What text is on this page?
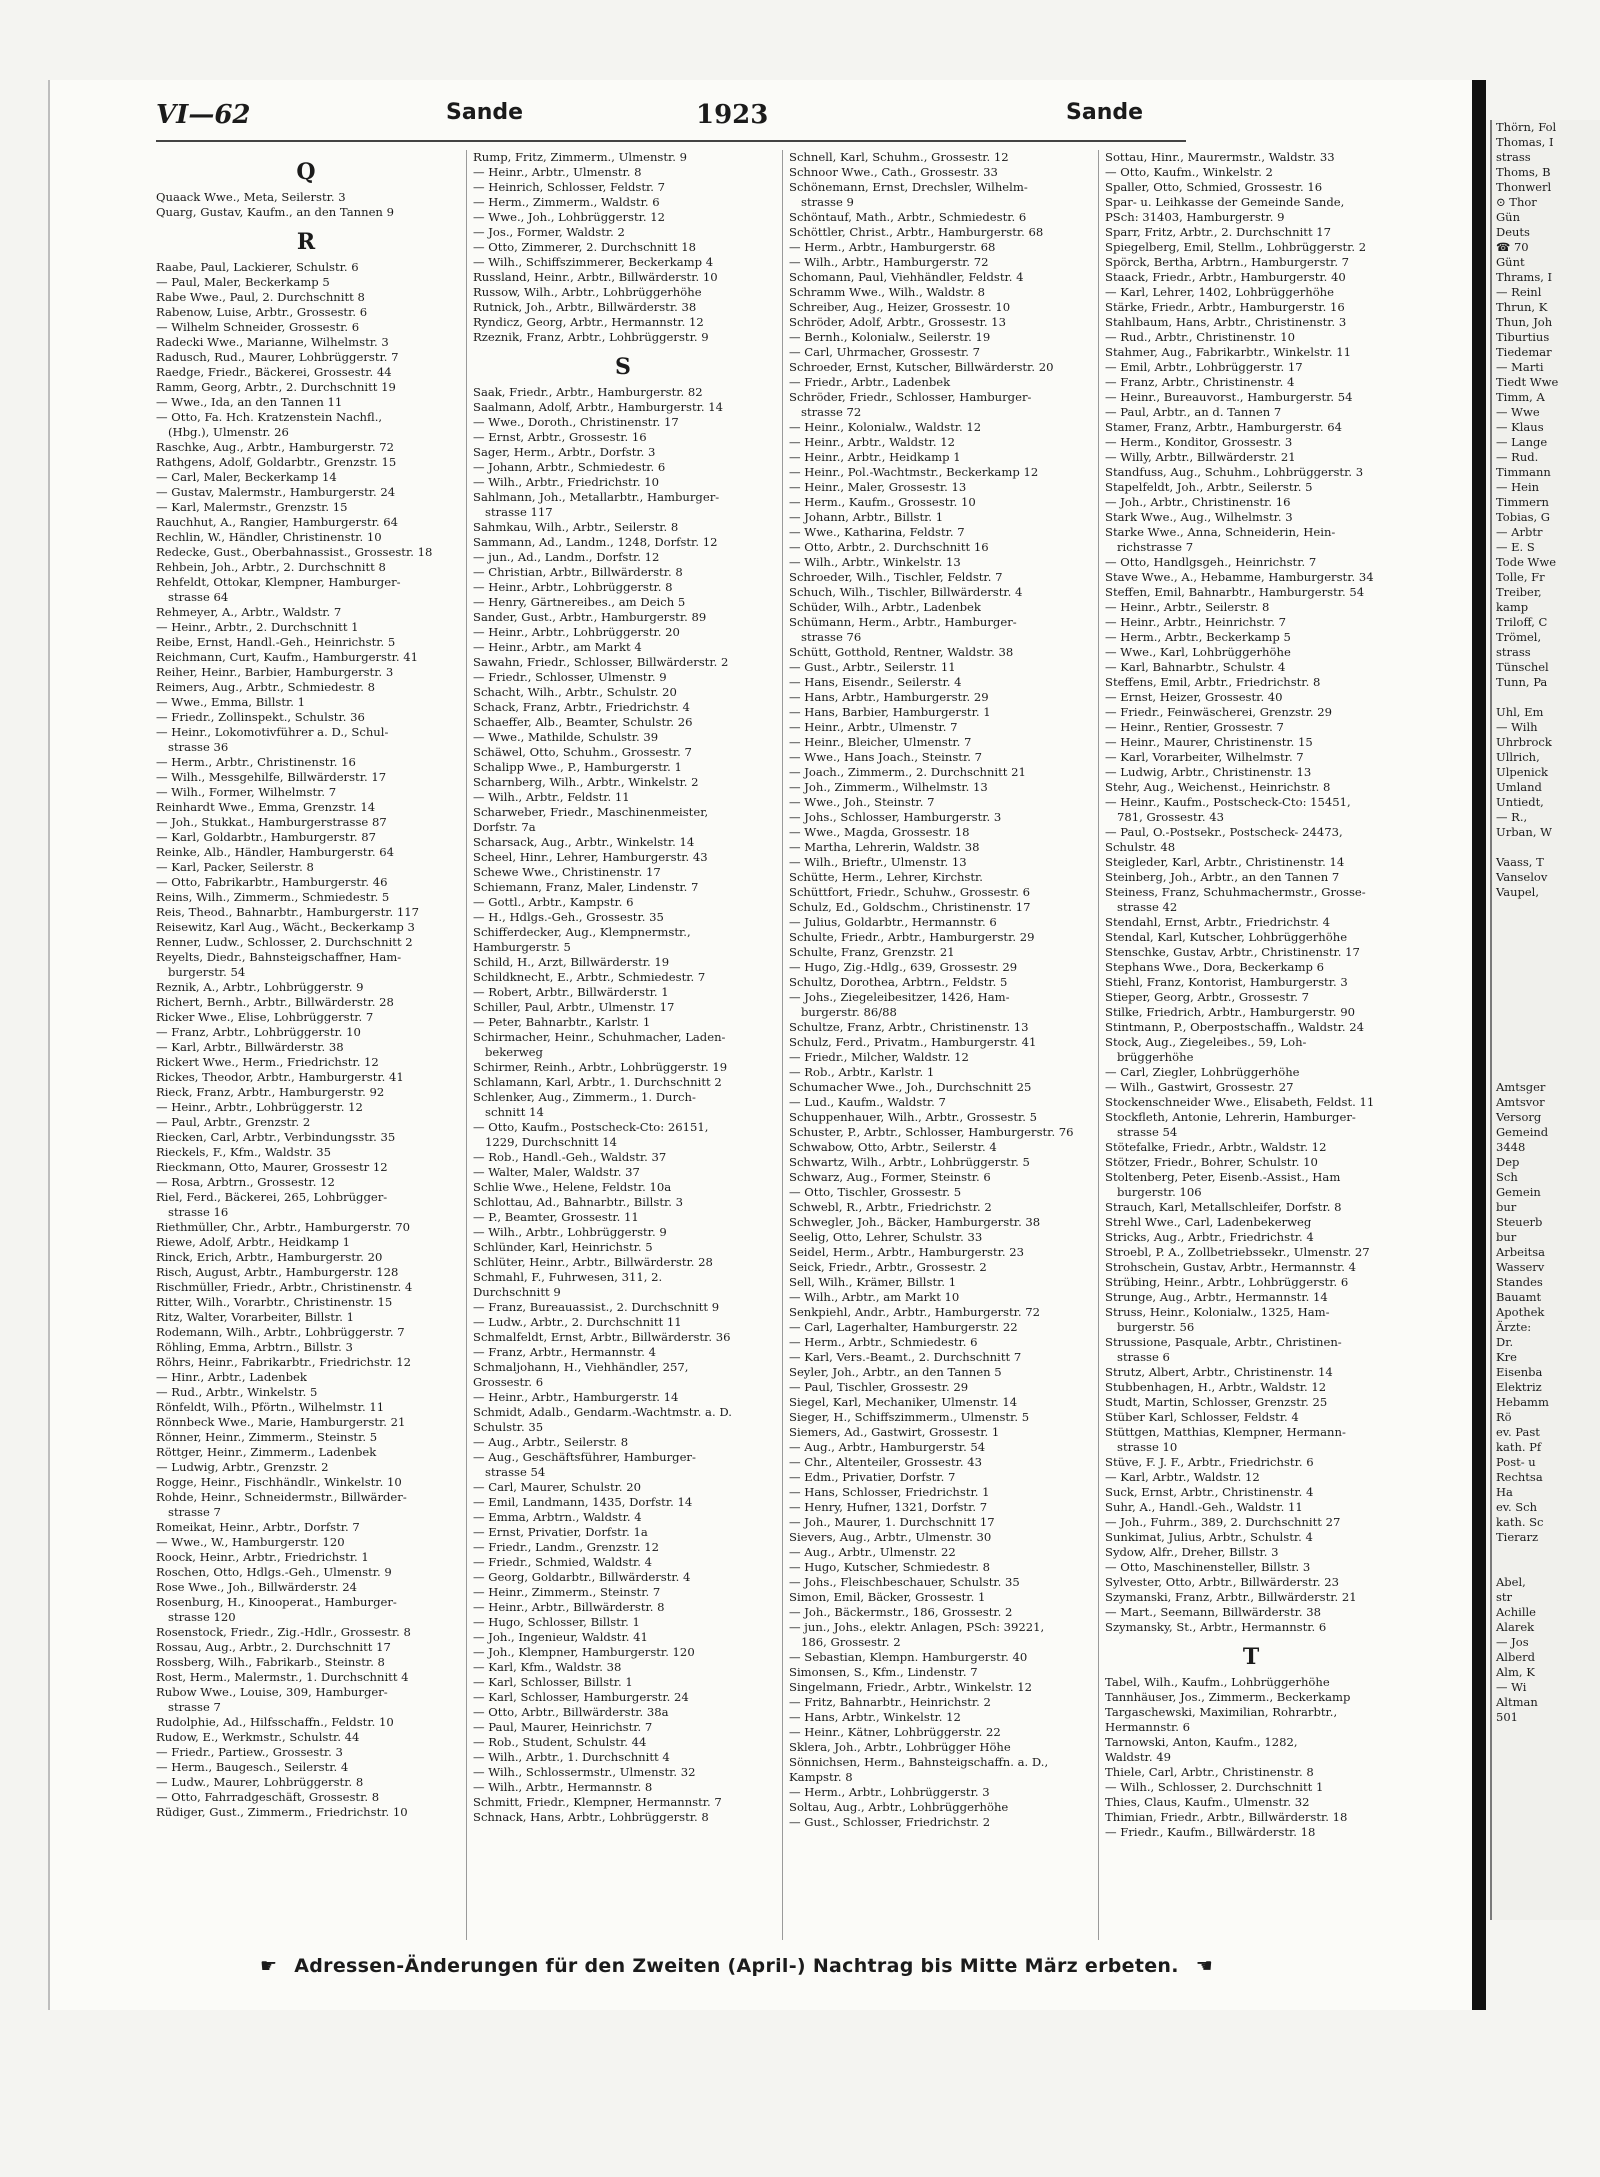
VI—62	Sande	1923	Sande
Q
Quaack Wwe., Meta, Seilerstr. 3
Quarg, Gustav, Kaufm., an den Tannen 9
R
Raabe, Paul, Lackierer, Schulstr. 6
— Paul, Maler, Beckerkamp 5
Rabe Wwe., Paul, 2. Durchschnitt 8
Rabenow, Luise, Arbtr., Grossestr. 6
— Wilhelm Schneider, Grossestr. 6
Radecki Wwe., Marianne, Wilhelmstr. 3
Radusch, Rud., Maurer, Lohbrüggerstr. 7
Raedge, Friedr., Bäckerei, Grossestr. 44
Ramm, Georg, Arbtr., 2. Durchschnitt 19
— Wwe., Ida, an den Tannen 11
— Otto, Fa. Hch. Kratzenstein Nachfl.,
(Hbg.), Ulmenstr. 26
Raschke, Aug., Arbtr., Hamburgerstr. 72
Rathgens, Adolf, Goldarbtr., Grenzstr. 15
— Carl, Maler, Beckerkamp 14
— Gustav, Malermstr., Hamburgerstr. 24
— Karl, Malermstr., Grenzstr. 15
Rauchhut, A., Rangier, Hamburgerstr. 64
Rechlin, W., Händler, Christinenstr. 10
Redecke, Gust., Oberbahnassist., Grossestr. 18
Rehbein, Joh., Arbtr., 2. Durchschnitt 8
Rehfeldt, Ottokar, Klempner, Hamburger-
strasse 64
Rehmeyer, A., Arbtr., Waldstr. 7
— Heinr., Arbtr., 2. Durchschnitt 1
Reibe, Ernst, Handl.-Geh., Heinrichstr. 5
Reichmann, Curt, Kaufm., Hamburgerstr. 41
Reiher, Heinr., Barbier, Hamburgerstr. 3
Reimers, Aug., Arbtr., Schmiedestr. 8
— Wwe., Emma, Billstr. 1
— Friedr., Zollinspekt., Schulstr. 36
— Heinr., Lokomotivführer a. D., Schul-
strasse 36
— Herm., Arbtr., Christinenstr. 16
— Wilh., Messgehilfe, Billwärderstr. 17
— Wilh., Former, Wilhelmstr. 7
Reinhardt Wwe., Emma, Grenzstr. 14
— Joh., Stukkat., Hamburgerstrasse 87
— Karl, Goldarbtr., Hamburgerstr. 87
Reinke, Alb., Händler, Hamburgerstr. 64
— Karl, Packer, Seilerstr. 8
— Otto, Fabrikarbtr., Hamburgerstr. 46
Reins, Wilh., Zimmerm., Schmiedestr. 5
Reis, Theod., Bahnarbtr., Hamburgerstr. 117
Reisewitz, Karl Aug., Wächt., Beckerkamp 3
Renner, Ludw., Schlosser, 2. Durchschnitt 2
Reyelts, Diedr., Bahnsteigschaffner, Ham-
burgerstr. 54
Reznik, A., Arbtr., Lohbrüggerstr. 9
Richert, Bernh., Arbtr., Billwärderstr. 28
Ricker Wwe., Elise, Lohbrüggerstr. 7
— Franz, Arbtr., Lohbrüggerstr. 10
— Karl, Arbtr., Billwärderstr. 38
Rickert Wwe., Herm., Friedrichstr. 12
Rickes, Theodor, Arbtr., Hamburgerstr. 41
Rieck, Franz, Arbtr., Hamburgerstr. 92
— Heinr., Arbtr., Lohbrüggerstr. 12
— Paul, Arbtr., Grenzstr. 2
Riecken, Carl, Arbtr., Verbindungsstr. 35
Rieckels, F., Kfm., Waldstr. 35
Rieckmann, Otto, Maurer, Grossestr 12
— Rosa, Arbtrn., Grossestr. 12
Riel, Ferd., Bäckerei, 265, Lohbrügger-
strasse 16
Riethmüller, Chr., Arbtr., Hamburgerstr. 70
Riewe, Adolf, Arbtr., Heidkamp 1
Rinck, Erich, Arbtr., Hamburgerstr. 20
Risch, August, Arbtr., Hamburgerstr. 128
Rischmüller, Friedr., Arbtr., Christinenstr. 4
Ritter, Wilh., Vorarbtr., Christinenstr. 15
Ritz, Walter, Vorarbeiter, Billstr. 1
Rodemann, Wilh., Arbtr., Lohbrüggerstr. 7
Röhling, Emma, Arbtrn., Billstr. 3
Röhrs, Heinr., Fabrikarbtr., Friedrichstr. 12
— Hinr., Arbtr., Ladenbek
— Rud., Arbtr., Winkelstr. 5
Rönfeldt, Wilh., Pförtn., Wilhelmstr. 11
Rönnbeck Wwe., Marie, Hamburgerstr. 21
Rönner, Heinr., Zimmerm., Steinstr. 5
Röttger, Heinr., Zimmerm., Ladenbek
— Ludwig, Arbtr., Grenzstr. 2
Rogge, Heinr., Fischhändlr., Winkelstr. 10
Rohde, Heinr., Schneidermstr., Billwärder-
strasse 7
Romeikat, Heinr., Arbtr., Dorfstr. 7
— Wwe., W., Hamburgerstr. 120
Roock, Heinr., Arbtr., Friedrichstr. 1
Roschen, Otto, Hdlgs.-Geh., Ulmenstr. 9
Rose Wwe., Joh., Billwärderstr. 24
Rosenburg, H., Kinooperat., Hamburger-
strasse 120
Rosenstock, Friedr., Zig.-Hdlr., Grossestr. 8
Rossau, Aug., Arbtr., 2. Durchschnitt 17
Rossberg, Wilh., Fabrikarb., Steinstr. 8
Rost, Herm., Malermstr., 1. Durchschnitt 4
Rubow Wwe., Louise, 309, Hamburger-
strasse 7
Rudolphie, Ad., Hilfsschaffn., Feldstr. 10
Rudow, E., Werkmstr., Schulstr. 44
— Friedr., Partiew., Grossestr. 3
— Herm., Baugesch., Seilerstr. 4
— Ludw., Maurer, Lohbrüggerstr. 8
— Otto, Fahrradgeschäft, Grossestr. 8
Rüdiger, Gust., Zimmerm., Friedrichstr. 10
Rump, Fritz, Zimmerm., Ulmenstr. 9
— Heinr., Arbtr., Ulmenstr. 8
— Heinrich, Schlosser, Feldstr. 7
— Herm., Zimmerm., Waldstr. 6
— Wwe., Joh., Lohbrüggerstr. 12
— Jos., Former, Waldstr. 2
— Otto, Zimmerer, 2. Durchschnitt 18
— Wilh., Schiffszimmerer, Beckerkamp 4
Russland, Heinr., Arbtr., Billwärderstr. 10
Russow, Wilh., Arbtr., Lohbrüggerhöhe
Rutnick, Joh., Arbtr., Billwärderstr. 38
Ryndicz, Georg, Arbtr., Hermannstr. 12
Rzeznik, Franz, Arbtr., Lohbrüggerstr. 9
S
Saak, Friedr., Arbtr., Hamburgerstr. 82
Saalmann, Adolf, Arbtr., Hamburgerstr. 14
— Wwe., Doroth., Christinenstr. 17
— Ernst, Arbtr., Grossestr. 16
Sager, Herm., Arbtr., Dorfstr. 3
— Johann, Arbtr., Schmiedestr. 6
— Wilh., Arbtr., Friedrichstr. 10
Sahlmann, Joh., Metallarbtr., Hamburger-
strasse 117
Sahmkau, Wilh., Arbtr., Seilerstr. 8
Sammann, Ad., Landm., 1248, Dorfstr. 12
— jun., Ad., Landm., Dorfstr. 12
— Christian, Arbtr., Billwärderstr. 8
— Heinr., Arbtr., Lohbrüggerstr. 8
— Henry, Gärtnereibes., am Deich 5
Sander, Gust., Arbtr., Hamburgerstr. 89
— Heinr., Arbtr., Lohbrüggerstr. 20
— Heinr., Arbtr., am Markt 4
Sawahn, Friedr., Schlosser, Billwärderstr. 2
— Friedr., Schlosser, Ulmenstr. 9
Schacht, Wilh., Arbtr., Schulstr. 20
Schack, Franz, Arbtr., Friedrichstr. 4
Schaeffer, Alb., Beamter, Schulstr. 26
— Wwe., Mathilde, Schulstr. 39
Schäwel, Otto, Schuhm., Grossestr. 7
Schalipp Wwe., P., Hamburgerstr. 1
Scharnberg, Wilh., Arbtr., Winkelstr. 2
— Wilh., Arbtr., Feldstr. 11
Scharweber, Friedr., Maschinenmeister,
Dorfstr. 7a
Scharsack, Aug., Arbtr., Winkelstr. 14
Scheel, Hinr., Lehrer, Hamburgerstr. 43
Schewe Wwe., Christinenstr. 17
Schiemann, Franz, Maler, Lindenstr. 7
— Gottl., Arbtr., Kampstr. 6
— H., Hdlgs.-Geh., Grossestr. 35
Schifferdecker, Aug., Klempnermstr.,
Hamburgerstr. 5
Schild, H., Arzt, Billwärderstr. 19
Schildknecht, E., Arbtr., Schmiedestr. 7
— Robert, Arbtr., Billwärderstr. 1
Schiller, Paul, Arbtr., Ulmenstr. 17
— Peter, Bahnarbtr., Karlstr. 1
Schirmacher, Heinr., Schuhmacher, Laden-
bekerweg
Schirmer, Reinh., Arbtr., Lohbrüggerstr. 19
Schlamann, Karl, Arbtr., 1. Durchschnitt 2
Schlenker, Aug., Zimmerm., 1. Durch-
schnitt 14
— Otto, Kaufm., Postscheck-Cto: 26151,
1229, Durchschnitt 14
— Rob., Handl.-Geh., Waldstr. 37
— Walter, Maler, Waldstr. 37
Schlie Wwe., Helene, Feldstr. 10a
Schlottau, Ad., Bahnarbtr., Billstr. 3
— P., Beamter, Grossestr. 11
— Wilh., Arbtr., Lohbrüggerstr. 9
Schlünder, Karl, Heinrichstr. 5
Schlüter, Heinr., Arbtr., Billwärderstr. 28
Schmahl, F., Fuhrwesen, 311, 2.
Durchschnitt 9
— Franz, Bureauassist., 2. Durchschnitt 9
— Ludw., Arbtr., 2. Durchschnitt 11
Schmalfeldt, Ernst, Arbtr., Billwärderstr. 36
— Franz, Arbtr., Hermannstr. 4
Schmaljohann, H., Viehhändler, 257,
Grossestr. 6
— Heinr., Arbtr., Hamburgerstr. 14
Schmidt, Adalb., Gendarm.-Wachtmstr. a. D.
Schulstr. 35
— Aug., Arbtr., Seilerstr. 8
— Aug., Geschäftsführer, Hamburger-
strasse 54
— Carl, Maurer, Schulstr. 20
— Emil, Landmann, 1435, Dorfstr. 14
— Emma, Arbtrn., Waldstr. 4
— Ernst, Privatier, Dorfstr. 1a
— Friedr., Landm., Grenzstr. 12
— Friedr., Schmied, Waldstr. 4
— Georg, Goldarbtr., Billwärderstr. 4
— Heinr., Zimmerm., Steinstr. 7
— Heinr., Arbtr., Billwärderstr. 8
— Hugo, Schlosser, Billstr. 1
— Joh., Ingenieur, Waldstr. 41
— Joh., Klempner, Hamburgerstr. 120
— Karl, Kfm., Waldstr. 38
— Karl, Schlosser, Billstr. 1
— Karl, Schlosser, Hamburgerstr. 24
— Otto, Arbtr., Billwärderstr. 38a
— Paul, Maurer, Heinrichstr. 7
— Rob., Student, Schulstr. 44
— Wilh., Arbtr., 1. Durchschnitt 4
— Wilh., Schlossermstr., Ulmenstr. 32
— Wilh., Arbtr., Hermannstr. 8
Schmitt, Friedr., Klempner, Hermannstr. 7
Schnack, Hans, Arbtr., Lohbrüggerstr. 8
Schnell, Karl, Schuhm., Grossestr. 12
Schnoor Wwe., Cath., Grossestr. 33
Schönemann, Ernst, Drechsler, Wilhelm-
strasse 9
Schöntauf, Math., Arbtr., Schmiedestr. 6
Schöttler, Christ., Arbtr., Hamburgerstr. 68
— Herm., Arbtr., Hamburgerstr. 68
— Wilh., Arbtr., Hamburgerstr. 72
Schomann, Paul, Viehhändler, Feldstr. 4
Schramm Wwe., Wilh., Waldstr. 8
Schreiber, Aug., Heizer, Grossestr. 10
Schröder, Adolf, Arbtr., Grossestr. 13
— Bernh., Kolonialw., Seilerstr. 19
— Carl, Uhrmacher, Grossestr. 7
Schroeder, Ernst, Kutscher, Billwärderstr. 20
— Friedr., Arbtr., Ladenbek
Schröder, Friedr., Schlosser, Hamburger-
strasse 72
— Heinr., Kolonialw., Waldstr. 12
— Heinr., Arbtr., Waldstr. 12
— Heinr., Arbtr., Heidkamp 1
— Heinr., Pol.-Wachtmstr., Beckerkamp 12
— Heinr., Maler, Grossestr. 13
— Herm., Kaufm., Grossestr. 10
— Johann, Arbtr., Billstr. 1
— Wwe., Katharina, Feldstr. 7
— Otto, Arbtr., 2. Durchschnitt 16
— Wilh., Arbtr., Winkelstr. 13
Schroeder, Wilh., Tischler, Feldstr. 7
Schuch, Wilh., Tischler, Billwärderstr. 4
Schüder, Wilh., Arbtr., Ladenbek
Schümann, Herm., Arbtr., Hamburger-
strasse 76
Schütt, Gotthold, Rentner, Waldstr. 38
— Gust., Arbtr., Seilerstr. 11
— Hans, Eisendr., Seilerstr. 4
— Hans, Arbtr., Hamburgerstr. 29
— Hans, Barbier, Hamburgerstr. 1
— Heinr., Arbtr., Ulmenstr. 7
— Heinr., Bleicher, Ulmenstr. 7
— Wwe., Hans Joach., Steinstr. 7
— Joach., Zimmerm., 2. Durchschnitt 21
— Joh., Zimmerm., Wilhelmstr. 13
— Wwe., Joh., Steinstr. 7
— Johs., Schlosser, Hamburgerstr. 3
— Wwe., Magda, Grossestr. 18
— Martha, Lehrerin, Waldstr. 38
— Wilh., Brieftr., Ulmenstr. 13
Schütte, Herm., Lehrer, Kirchstr.
Schüttfort, Friedr., Schuhw., Grossestr. 6
Schulz, Ed., Goldschm., Christinenstr. 17
— Julius, Goldarbtr., Hermannstr. 6
Schulte, Friedr., Arbtr., Hamburgerstr. 29
Schulte, Franz, Grenzstr. 21
— Hugo, Zig.-Hdlg., 639, Grossestr. 29
Schultz, Dorothea, Arbtrn., Feldstr. 5
— Johs., Ziegeleibesitzer, 1426, Ham-
burgerstr. 86/88
Schultze, Franz, Arbtr., Christinenstr. 13
Schulz, Ferd., Privatm., Hamburgerstr. 41
— Friedr., Milcher, Waldstr. 12
— Rob., Arbtr., Karlstr. 1
Schumacher Wwe., Joh., Durchschnitt 25
— Lud., Kaufm., Waldstr. 7
Schuppenhauer, Wilh., Arbtr., Grossestr. 5
Schuster, P., Arbtr., Schlosser, Hamburgerstr. 76
Schwabow, Otto, Arbtr., Seilerstr. 4
Schwartz, Wilh., Arbtr., Lohbrüggerstr. 5
Schwarz, Aug., Former, Steinstr. 6
— Otto, Tischler, Grossestr. 5
Schwebl, R., Arbtr., Friedrichstr. 2
Schwegler, Joh., Bäcker, Hamburgerstr. 38
Seelig, Otto, Lehrer, Schulstr. 33
Seidel, Herm., Arbtr., Hamburgerstr. 23
Seick, Friedr., Arbtr., Grossestr. 2
Sell, Wilh., Krämer, Billstr. 1
— Wilh., Arbtr., am Markt 10
Senkpiehl, Andr., Arbtr., Hamburgerstr. 72
— Carl, Lagerhalter, Hamburgerstr. 22
— Herm., Arbtr., Schmiedestr. 6
— Karl, Vers.-Beamt., 2. Durchschnitt 7
Seyler, Joh., Arbtr., an den Tannen 5
— Paul, Tischler, Grossestr. 29
Siegel, Karl, Mechaniker, Ulmenstr. 14
Sieger, H., Schiffszimmerm., Ulmenstr. 5
Siemers, Ad., Gastwirt, Grossestr. 1
— Aug., Arbtr., Hamburgerstr. 54
— Chr., Altenteiler, Grossestr. 43
— Edm., Privatier, Dorfstr. 7
— Hans, Schlosser, Friedrichstr. 1
— Henry, Hufner, 1321, Dorfstr. 7
— Joh., Maurer, 1. Durchschnitt 17
Sievers, Aug., Arbtr., Ulmenstr. 30
— Aug., Arbtr., Ulmenstr. 22
— Hugo, Kutscher, Schmiedestr. 8
— Johs., Fleischbeschauer, Schulstr. 35
Simon, Emil, Bäcker, Grossestr. 1
— Joh., Bäckermstr., 186, Grossestr. 2
— jun., Johs., elektr. Anlagen, PSch: 39221,
186, Grossestr. 2
— Sebastian, Klempn. Hamburgerstr. 40
Simonsen, S., Kfm., Lindenstr. 7
Singelmann, Friedr., Arbtr., Winkelstr. 12
— Fritz, Bahnarbtr., Heinrichstr. 2
— Hans, Arbtr., Winkelstr. 12
— Heinr., Kätner, Lohbrüggerstr. 22
Sklera, Joh., Arbtr., Lohbrügger Höhe
Sönnichsen, Herm., Bahnsteigschaffn. a. D.,
Kampstr. 8
— Herm., Arbtr., Lohbrüggerstr. 3
Soltau, Aug., Arbtr., Lohbrüggerhöhe
— Gust., Schlosser, Friedrichstr. 2
Sottau, Hinr., Maurermstr., Waldstr. 33
— Otto, Kaufm., Winkelstr. 2
Spaller, Otto, Schmied, Grossestr. 16
Spar- u. Leihkasse der Gemeinde Sande,
PSch: 31403, Hamburgerstr. 9
Sparr, Fritz, Arbtr., 2. Durchschnitt 17
Spiegelberg, Emil, Stellm., Lohbrüggerstr. 2
Spörck, Bertha, Arbtrn., Hamburgerstr. 7
Staack, Friedr., Arbtr., Hamburgerstr. 40
— Karl, Lehrer, 1402, Lohbrüggerhöhe
Stärke, Friedr., Arbtr., Hamburgerstr. 16
Stahlbaum, Hans, Arbtr., Christinenstr. 3
— Rud., Arbtr., Christinenstr. 10
Stahmer, Aug., Fabrikarbtr., Winkelstr. 11
— Emil, Arbtr., Lohbrüggerstr. 17
— Franz, Arbtr., Christinenstr. 4
— Heinr., Bureauvorst., Hamburgerstr. 54
— Paul, Arbtr., an d. Tannen 7
Stamer, Franz, Arbtr., Hamburgerstr. 64
— Herm., Konditor, Grossestr. 3
— Willy, Arbtr., Billwärderstr. 21
Standfuss, Aug., Schuhm., Lohbrüggerstr. 3
Stapelfeldt, Joh., Arbtr., Seilerstr. 5
— Joh., Arbtr., Christinenstr. 16
Stark Wwe., Aug., Wilhelmstr. 3
Starke Wwe., Anna, Schneiderin, Hein-
richstrasse 7
— Otto, Handlgsgeh., Heinrichstr. 7
Stave Wwe., A., Hebamme, Hamburgerstr. 34
Steffen, Emil, Bahnarbtr., Hamburgerstr. 54
— Heinr., Arbtr., Seilerstr. 8
— Heinr., Arbtr., Heinrichstr. 7
— Herm., Arbtr., Beckerkamp 5
— Wwe., Karl, Lohbrüggerhöhe
— Karl, Bahnarbtr., Schulstr. 4
Steffens, Emil, Arbtr., Friedrichstr. 8
— Ernst, Heizer, Grossestr. 40
— Friedr., Feinwäscherei, Grenzstr. 29
— Heinr., Rentier, Grossestr. 7
— Heinr., Maurer, Christinenstr. 15
— Karl, Vorarbeiter, Wilhelmstr. 7
— Ludwig, Arbtr., Christinenstr. 13
Stehr, Aug., Weichenst., Heinrichstr. 8
— Heinr., Kaufm., Postscheck-Cto: 15451,
781, Grossestr. 43
— Paul, O.-Postsekr., Postscheck- 24473,
Schulstr. 48
Steigleder, Karl, Arbtr., Christinenstr. 14
Steinberg, Joh., Arbtr., an den Tannen 7
Steiness, Franz, Schuhmachermstr., Grosse-
strasse 42
Stendahl, Ernst, Arbtr., Friedrichstr. 4
Stendal, Karl, Kutscher, Lohbrüggerhöhe
Stenschke, Gustav, Arbtr., Christinenstr. 17
Stephans Wwe., Dora, Beckerkamp 6
Stiehl, Franz, Kontorist, Hamburgerstr. 3
Stieper, Georg, Arbtr., Grossestr. 7
Stilke, Friedrich, Arbtr., Hamburgerstr. 90
Stintmann, P., Oberpostschaffn., Waldstr. 24
Stock, Aug., Ziegeleibes., 59, Loh-
brüggerhöhe
— Carl, Ziegler, Lohbrüggerhöhe
— Wilh., Gastwirt, Grossestr. 27
Stockenschneider Wwe., Elisabeth, Feldst. 11
Stockfleth, Antonie, Lehrerin, Hamburger-
strasse 54
Stötefalke, Friedr., Arbtr., Waldstr. 12
Stötzer, Friedr., Bohrer, Schulstr. 10
Stoltenberg, Peter, Eisenb.-Assist., Ham
burgerstr. 106
Strauch, Karl, Metallschleifer, Dorfstr. 8
Strehl Wwe., Carl, Ladenbekerweg
Stricks, Aug., Arbtr., Friedrichstr. 4
Stroebl, P. A., Zollbetriebssekr., Ulmenstr. 27
Strohschein, Gustav, Arbtr., Hermannstr. 4
Strübing, Heinr., Arbtr., Lohbrüggerstr. 6
Strunge, Aug., Arbtr., Hermannstr. 14
Struss, Heinr., Kolonialw., 1325, Ham-
burgerstr. 56
Strussione, Pasquale, Arbtr., Christinen-
strasse 6
Strutz, Albert, Arbtr., Christinenstr. 14
Stubbenhagen, H., Arbtr., Waldstr. 12
Studt, Martin, Schlosser, Grenzstr. 25
Stüber Karl, Schlosser, Feldstr. 4
Stüttgen, Matthias, Klempner, Hermann-
strasse 10
Stüve, F. J. F., Arbtr., Friedrichstr. 6
— Karl, Arbtr., Waldstr. 12
Suck, Ernst, Arbtr., Christinenstr. 4
Suhr, A., Handl.-Geh., Waldstr. 11
— Joh., Fuhrm., 389, 2. Durchschnitt 27
Sunkimat, Julius, Arbtr., Schulstr. 4
Sydow, Alfr., Dreher, Billstr. 3
— Otto, Maschinensteller, Billstr. 3
Sylvester, Otto, Arbtr., Billwärderstr. 23
Szymanski, Franz, Arbtr., Billwärderstr. 21
— Mart., Seemann, Billwärderstr. 38
Szymansky, St., Arbtr., Hermannstr. 6
T
Tabel, Wilh., Kaufm., Lohbrüggerhöhe
Tannhäuser, Jos., Zimmerm., Beckerkamp
Targaschewski, Maximilian, Rohrarbtr.,
Hermannstr. 6
Tarnowski, Anton, Kaufm., 1282,
Waldstr. 49
Thiele, Carl, Arbtr., Christinenstr. 8
— Wilh., Schlosser, 2. Durchschnitt 1
Thies, Claus, Kaufm., Ulmenstr. 32
Thimian, Friedr., Arbtr., Billwärderstr. 18
— Friedr., Kaufm., Billwärderstr. 18
☛ Adressen-Änderungen für den Zweiten (April-) Nachtrag bis Mitte März erbeten. ☚
Thörn, Fol
Thomas, I
strass
Thoms, B
Thonwerl
⊙ Thor
Gün
Deuts
☎ 70
Günt
Thrams, I
— Reinl
Thrun, K
Thun, Joh
Tiburtius
Tiedemar
— Marti
Tiedt Wwe
Timm, A
— Wwe
— Klaus
— Lange
— Rud.
Timmann
— Hein
Timmern
Tobias, G
— Arbtr
— E. S
Tode Wwe
Tolle, Fr
Treiber,
kamp
Triloff, C
Trömel,
strass
Tünschel
Tunn, Pa

Uhl, Em
— Wilh
Uhrbrock
Ullrich,
Ulpenick
Umland
Untiedt,
— R.,
Urban, W

Vaass, T
Vanselov
Vaupel,

Amtsger
Amtsvor
Versorg
Gemeind
3448
Dep
Sch
Gemein
bur
Steuerb
bur
Arbeitsa
Wasserv
Standes
Bauamt
Apothek
Ärzte:
Dr.
Kre
Eisenba
Elektriz
Hebamm
Rö
ev. Past
kath. Pf
Post- u
Rechtsa
Ha
ev. Sch
kath. Sc
Tierarz

Abel,
str
Achille
Alarek
— Jos
Alberd
Alm, K
— Wi
Altman
501
